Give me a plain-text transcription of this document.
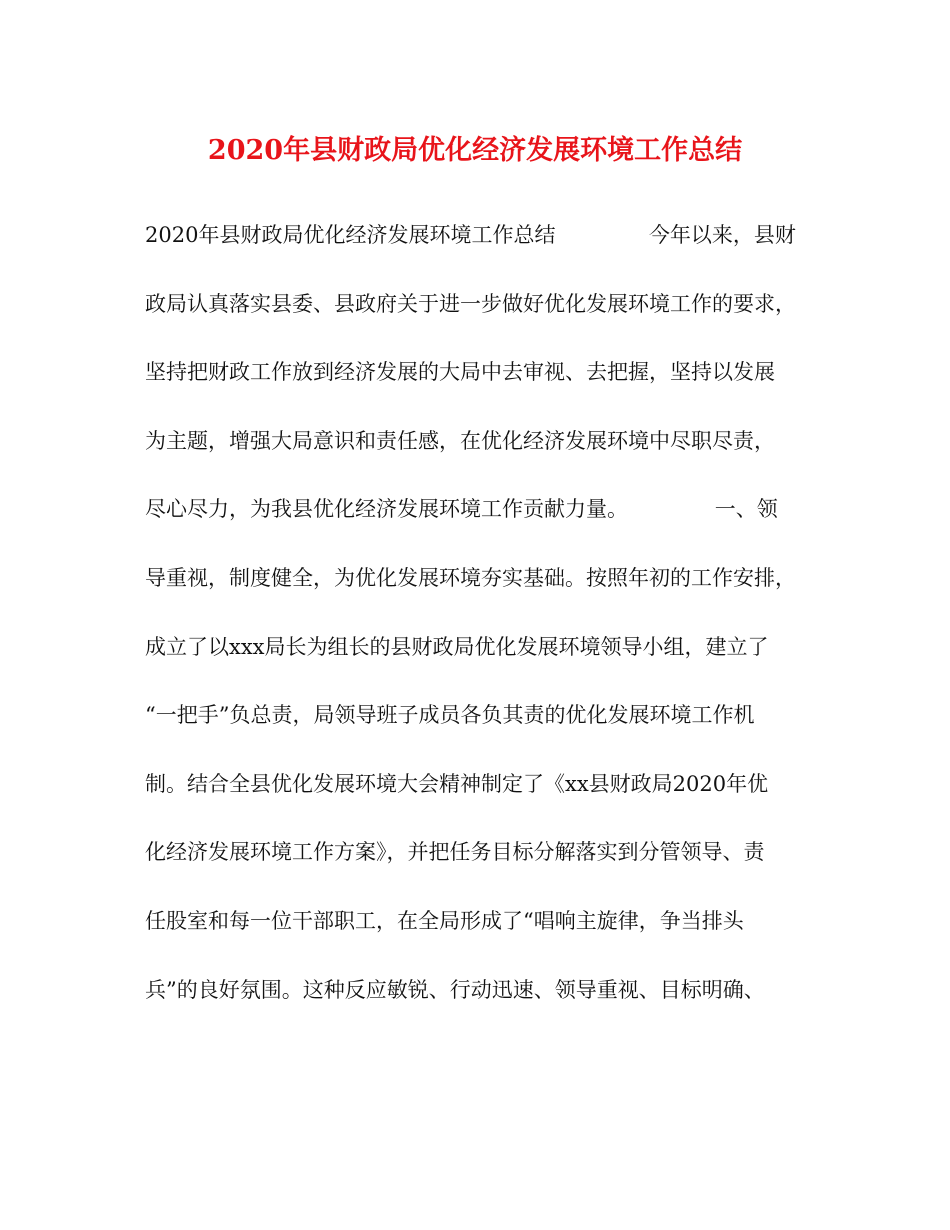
2020年县财政局优化经济发展环境工作总结
2020年县财政局优化经济发展环境工作总结              今年以来，县财
政局认真落实县委、县政府关于进一步做好优化发展环境工作的要求，
坚持把财政工作放到经济发展的大局中去审视、去把握，坚持以发展
为主题，增强大局意识和责任感，在优化经济发展环境中尽职尽责，
尽心尽力，为我县优化经济发展环境工作贡献力量。             一、领
导重视，制度健全，为优化发展环境夯实基础。按照年初的工作安排，
成立了以xxx局长为组长的县财政局优化发展环境领导小组，建立了
“一把手”负总责，局领导班子成员各负其责的优化发展环境工作机
制。结合全县优化发展环境大会精神制定了《xx县财政局2020年优
化经济发展环境工作方案》，并把任务目标分解落实到分管领导、责
任股室和每一位干部职工，在全局形成了“唱响主旋律，争当排头
兵”的良好氛围。这种反应敏锐、行动迅速、领导重视、目标明确、
